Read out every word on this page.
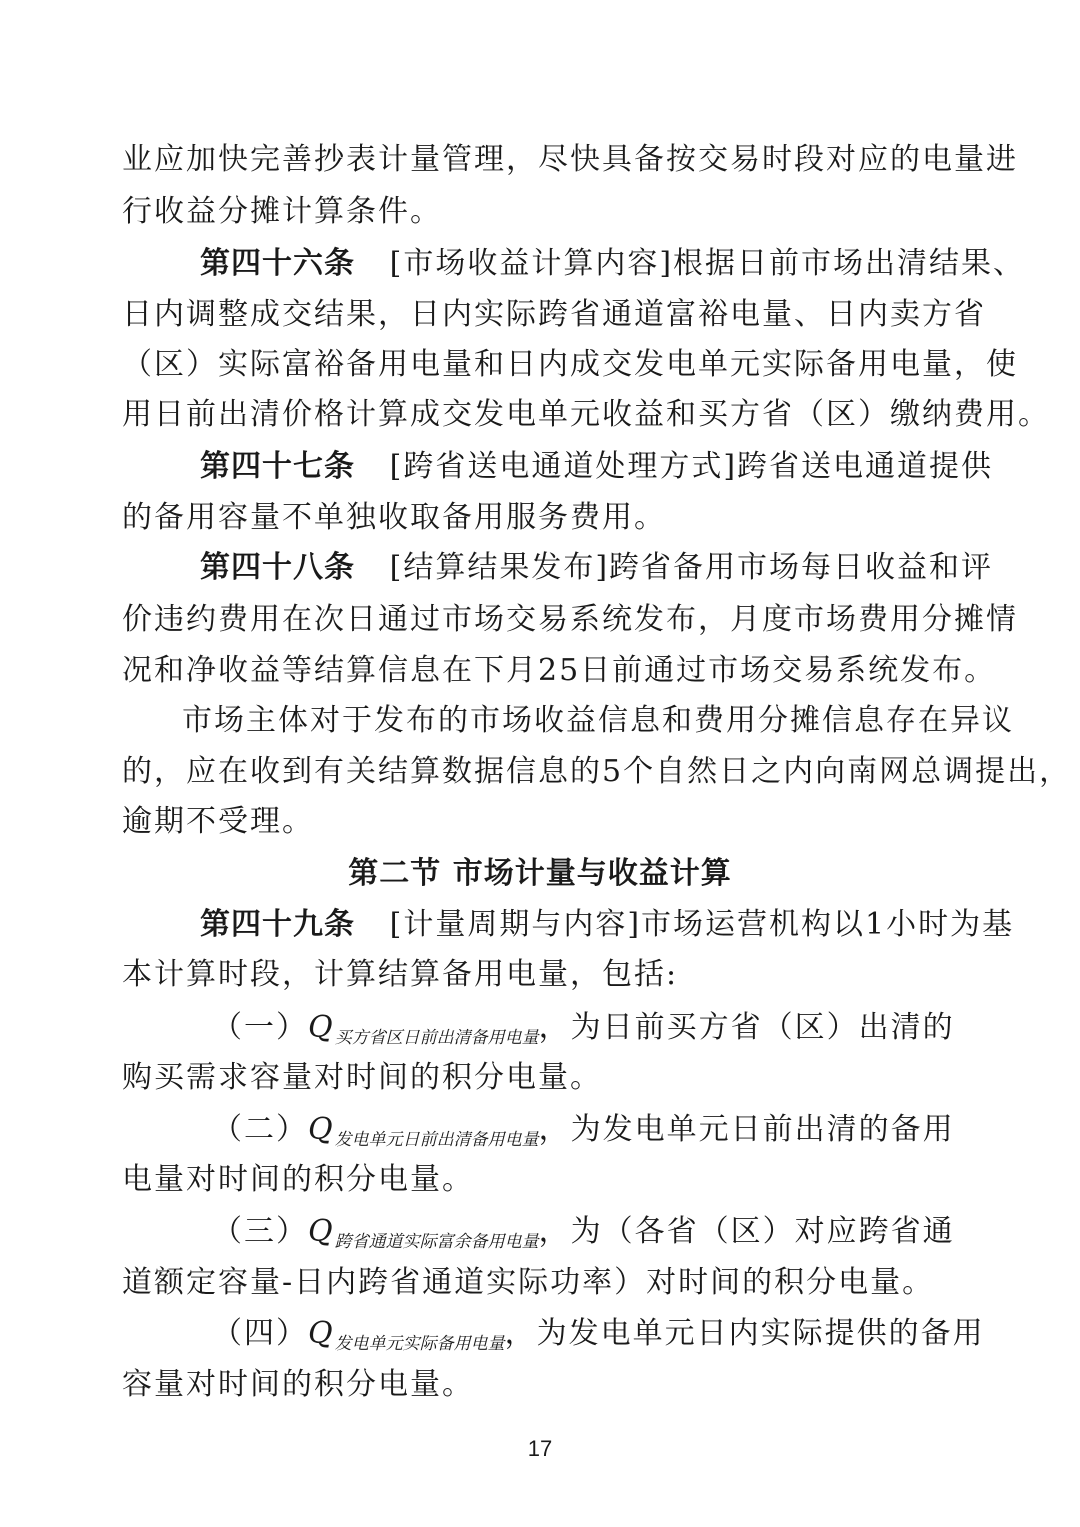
业应加快完善抄表计量管理，尽快具备按交易时段对应的电量进
行收益分摊计算条件。
第四十六条 [市场收益计算内容]根据日前市场出清结果、
日内调整成交结果，日内实际跨省通道富裕电量、日内卖方省
（区）实际富裕备用电量和日内成交发电单元实际备用电量，使
用日前出清价格计算成交发电单元收益和买方省（区）缴纳费用。
第四十七条 [跨省送电通道处理方式]跨省送电通道提供
的备用容量不单独收取备用服务费用。
第四十八条 [结算结果发布]跨省备用市场每日收益和评
价违约费用在次日通过市场交易系统发布，月度市场费用分摊情
况和净收益等结算信息在下月25日前通过市场交易系统发布。
市场主体对于发布的市场收益信息和费用分摊信息存在异议
的，应在收到有关结算数据信息的5个自然日之内向南网总调提出，
逾期不受理。
第二节 市场计量与收益计算
第四十九条 [计量周期与内容]市场运营机构以1小时为基
本计算时段，计算结算备用电量，包括:
（一）$Q_{买方省区日前出清备用电量}$，为日前买方省（区）出清的
购买需求容量对时间的积分电量。
（二）$Q_{发电单元日前出清备用电量}$，为发电单元日前出清的备用
电量对时间的积分电量。
（三）$Q_{跨省通道实际富余备用电量}$，为（各省（区）对应跨省通
道额定容量-日内跨省通道实际功率）对时间的积分电量。
（四）$Q_{发电单元实际备用电量}$，为发电单元日内实际提供的备用
容量对时间的积分电量。
17
